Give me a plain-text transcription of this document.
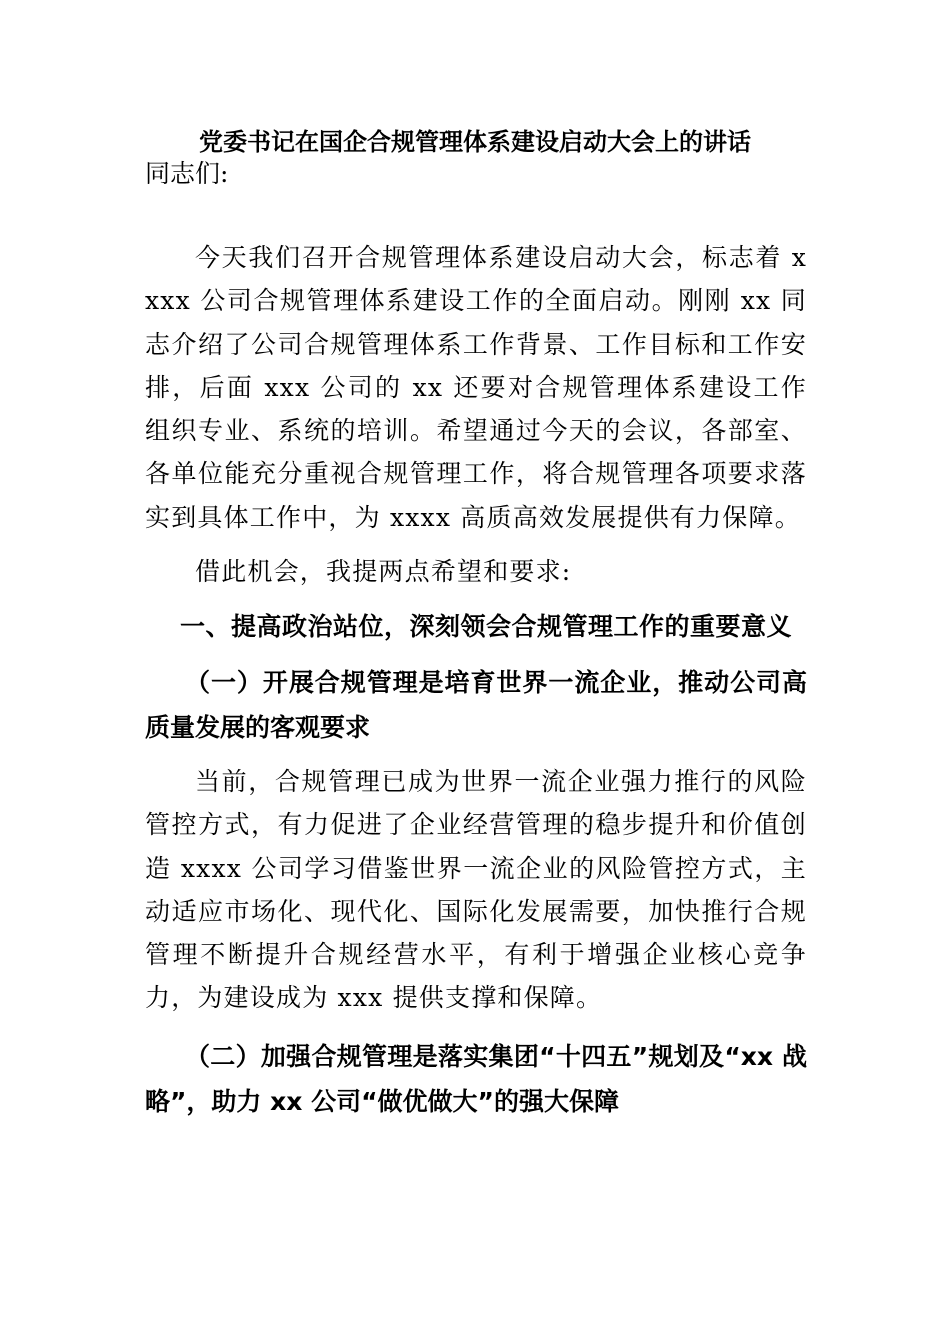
党委书记在国企合规管理体系建设启动大会上的讲话
同志们:
今天我们召开合规管理体系建设启动大会，标志着 xxxx 公司合规管理体系建设工作的全面启动。刚刚 xx 同志介绍了公司合规管理体系工作背景、工作目标和工作安排，后面 xxx 公司的 xx 还要对合规管理体系建设工作组织专业、系统的培训。希望通过今天的会议，各部室、各单位能充分重视合规管理工作，将合规管理各项要求落实到具体工作中，为 xxxx 高质高效发展提供有力保障。
借此机会，我提两点希望和要求:
一、提高政治站位，深刻领会合规管理工作的重要意义
（一）开展合规管理是培育世界一流企业，推动公司高质量发展的客观要求
当前，合规管理已成为世界一流企业强力推行的风险管控方式，有力促进了企业经营管理的稳步提升和价值创造 xxxx 公司学习借鉴世界一流企业的风险管控方式，主动适应市场化、现代化、国际化发展需要，加快推行合规管理不断提升合规经营水平，有利于增强企业核心竞争力，为建设成为 xxx 提供支撑和保障。
（二）加强合规管理是落实集团“十四五”规划及“xx 战略”，助力 xx 公司“做优做大”的强大保障
